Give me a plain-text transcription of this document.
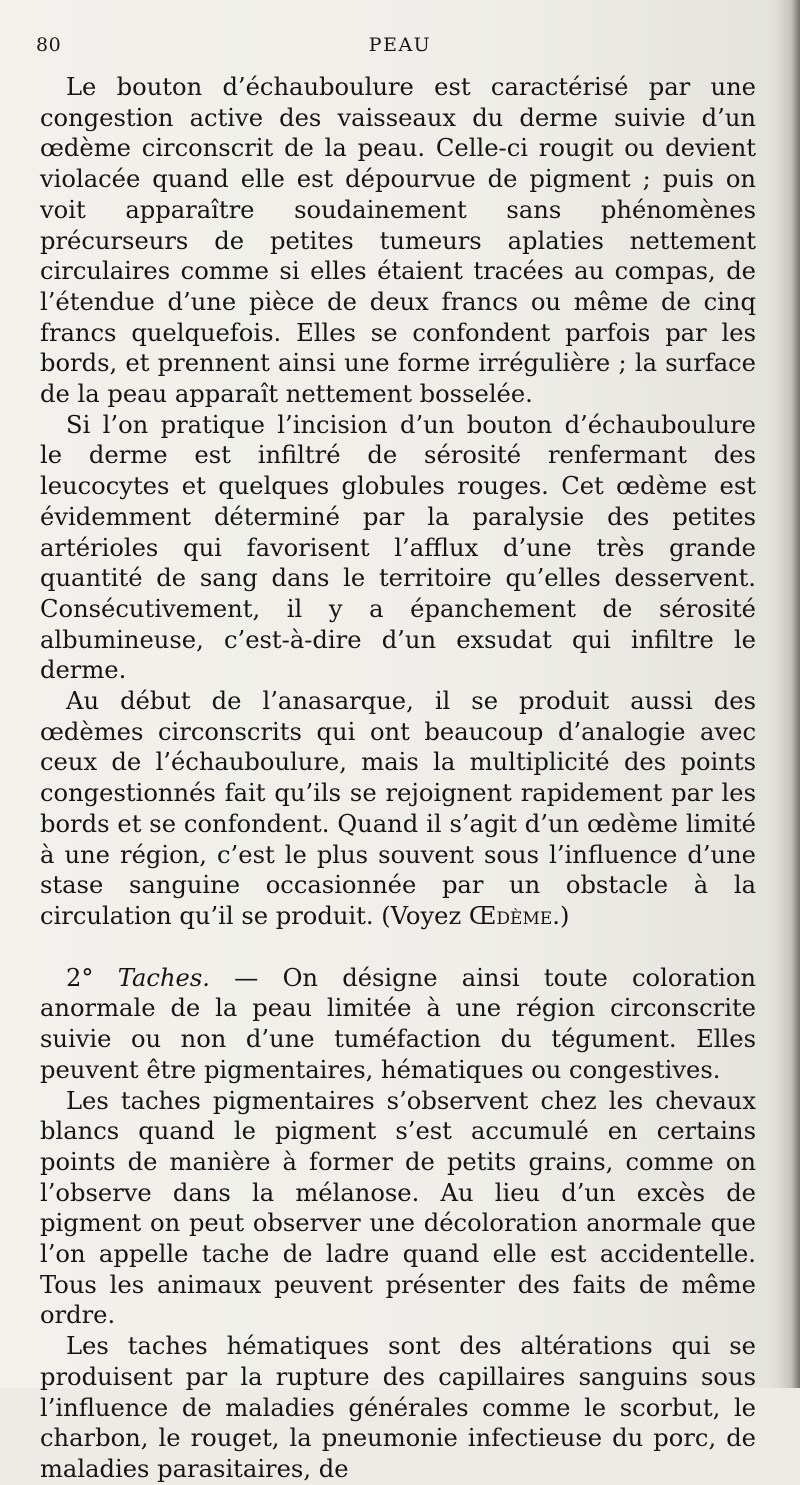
80	PEAU

Le bouton d’échauboulure est caractérisé par une congestion active des vaisseaux du derme suivie d’un œdème circonscrit de la peau. Celle-ci rougit ou devient violacée quand elle est dépourvue de pigment ; puis on voit apparaître soudainement sans phénomènes précurseurs de petites tumeurs aplaties nettement circulaires comme si elles étaient tracées au compas, de l’étendue d’une pièce de deux francs ou même de cinq francs quelquefois. Elles se confondent parfois par les bords, et prennent ainsi une forme irrégulière ; la surface de la peau apparaît nettement bosselée.

Si l’on pratique l’incision d’un bouton d’échauboulure le derme est infiltré de sérosité renfermant des leucocytes et quelques globules rouges. Cet œdème est évidemment déterminé par la paralysie des petites artérioles qui favorisent l’afflux d’une très grande quantité de sang dans le territoire qu’elles desservent. Consécutivement, il y a épanchement de sérosité albumineuse, c’est-à-dire d’un exsudat qui infiltre le derme.

Au début de l’anasarque, il se produit aussi des œdèmes circonscrits qui ont beaucoup d’analogie avec ceux de l’échauboulure, mais la multiplicité des points congestionnés fait qu’ils se rejoignent rapidement par les bords et se confondent. Quand il s’agit d’un œdème limité à une région, c’est le plus souvent sous l’influence d’une stase sanguine occasionnée par un obstacle à la circulation qu’il se produit. (Voyez Œdème.)

2° Taches. — On désigne ainsi toute coloration anormale de la peau limitée à une région circonscrite suivie ou non d’une tuméfaction du tégument. Elles peuvent être pigmentaires, hématiques ou congestives.

Les taches pigmentaires s’observent chez les chevaux blancs quand le pigment s’est accumulé en certains points de manière à former de petits grains, comme on l’observe dans la mélanose. Au lieu d’un excès de pigment on peut observer une décoloration anormale que l’on appelle tache de ladre quand elle est accidentelle. Tous les animaux peuvent présenter des faits de même ordre.

Les taches hématiques sont des altérations qui se produisent par la rupture des capillaires sanguins sous l’influence de maladies générales comme le scorbut, le charbon, le rouget, la pneumonie infectieuse du porc, de maladies parasitaires, de
